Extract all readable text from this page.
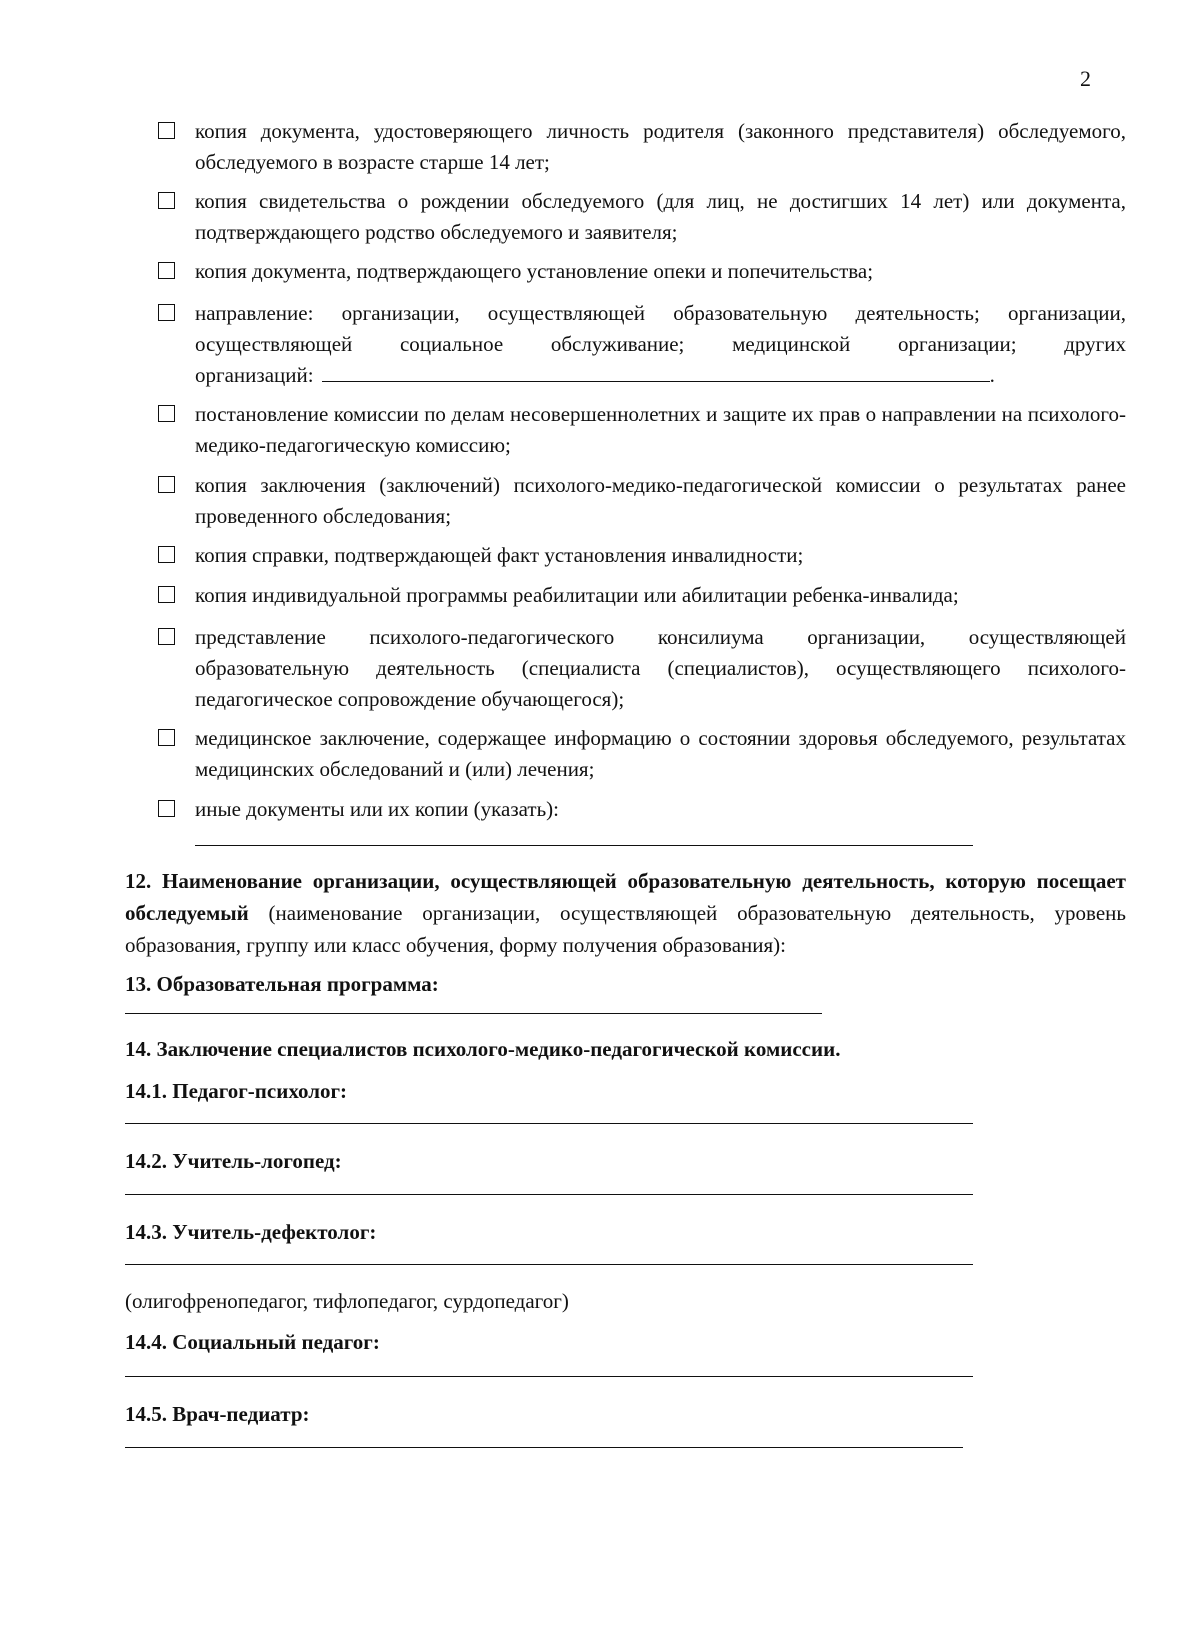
2
копия документа, удостоверяющего личность родителя (законного представителя) обследуемого, обследуемого в возрасте старше 14 лет;
копия свидетельства о рождении обследуемого (для лиц, не достигших 14 лет) или документа, подтверждающего родство обследуемого и заявителя;
копия документа, подтверждающего установление опеки и попечительства;
направление: организации, осуществляющей образовательную деятельность; организации, осуществляющей социальное обслуживание; медицинской организации; других
организаций:	.
постановление комиссии по делам несовершеннолетних и защите их прав о направлении на психолого-медико-педагогическую комиссию;
копия заключения (заключений) психолого-медико-педагогической комиссии о результатах ранее проведенного обследования;
копия справки, подтверждающей факт установления инвалидности;
копия индивидуальной программы реабилитации или абилитации ребенка-инвалида;
представление психолого-педагогического консилиума организации, осуществляющей образовательную деятельность (специалиста (специалистов), осуществляющего психолого-педагогическое сопровождение обучающегося);
медицинское заключение, содержащее информацию о состоянии здоровья обследуемого, результатах медицинских обследований и (или) лечения;
иные документы или их копии (указать):
12. Наименование организации, осуществляющей образовательную деятельность, которую посещает обследуемый (наименование организации, осуществляющей образовательную деятельность, уровень образования, группу или класс обучения, форму получения образования):
13. Образовательная программа:
14. Заключение специалистов психолого-медико-педагогической комиссии.
14.1. Педагог-психолог:
14.2. Учитель-логопед:
14.3. Учитель-дефектолог:
(олигофренопедагог, тифлопедагог, сурдопедагог)
14.4. Социальный педагог:
14.5. Врач-педиатр:
